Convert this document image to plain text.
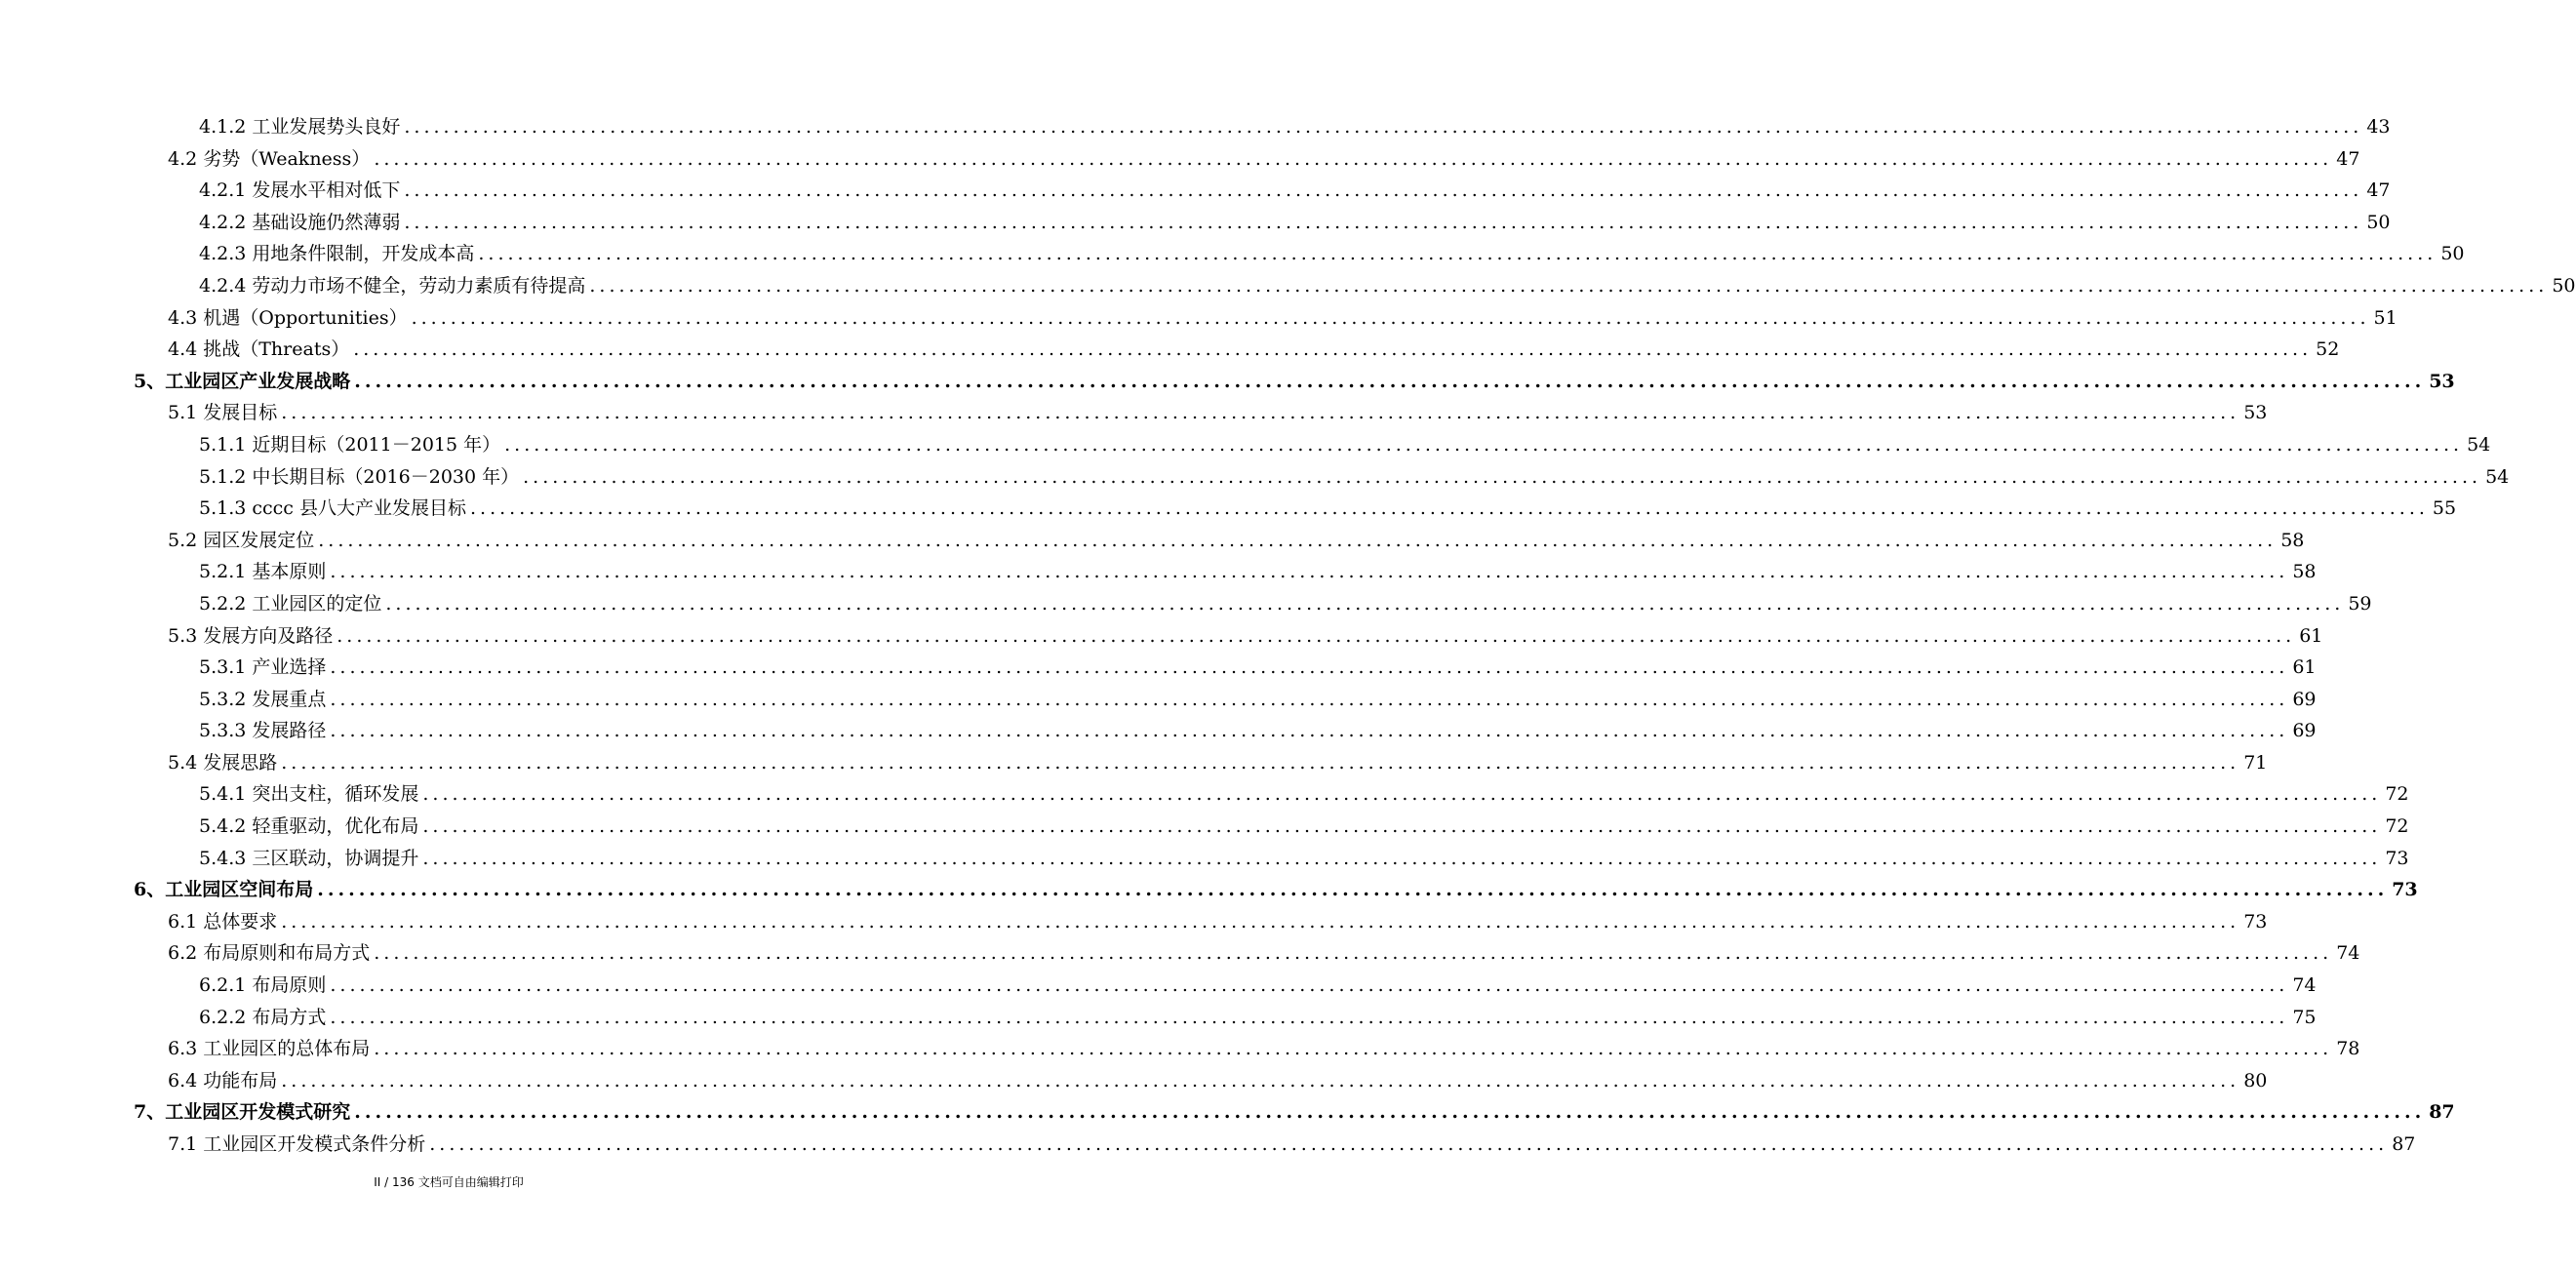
4.1.2 工业发展势头良好 ........................................................................................................................................................................................................ 43
4.2 劣势（Weakness） ........................................................................................................................................................................................................ 47
4.2.1 发展水平相对低下 ........................................................................................................................................................................................................ 47
4.2.2 基础设施仍然薄弱 ........................................................................................................................................................................................................ 50
4.2.3 用地条件限制，开发成本高 ........................................................................................................................................................................................................ 50
4.2.4 劳动力市场不健全，劳动力素质有待提高 ........................................................................................................................................................................................................ 50
4.3 机遇（Opportunities） ........................................................................................................................................................................................................ 51
4.4 挑战（Threats） ........................................................................................................................................................................................................ 52
5、工业园区产业发展战略 ........................................................................................................................................................................................................ 53
5.1 发展目标 ........................................................................................................................................................................................................ 53
5.1.1 近期目标（2011－2015 年） ........................................................................................................................................................................................................ 54
5.1.2 中长期目标（2016－2030 年） ........................................................................................................................................................................................................ 54
5.1.3 cccc 县八大产业发展目标 ........................................................................................................................................................................................................ 55
5.2 园区发展定位 ........................................................................................................................................................................................................ 58
5.2.1 基本原则 ........................................................................................................................................................................................................ 58
5.2.2 工业园区的定位 ........................................................................................................................................................................................................ 59
5.3 发展方向及路径 ........................................................................................................................................................................................................ 61
5.3.1 产业选择 ........................................................................................................................................................................................................ 61
5.3.2 发展重点 ........................................................................................................................................................................................................ 69
5.3.3 发展路径 ........................................................................................................................................................................................................ 69
5.4 发展思路 ........................................................................................................................................................................................................ 71
5.4.1 突出支柱，循环发展 ........................................................................................................................................................................................................ 72
5.4.2 轻重驱动，优化布局 ........................................................................................................................................................................................................ 72
5.4.3 三区联动，协调提升 ........................................................................................................................................................................................................ 73
6、工业园区空间布局 ........................................................................................................................................................................................................ 73
6.1 总体要求 ........................................................................................................................................................................................................ 73
6.2 布局原则和布局方式 ........................................................................................................................................................................................................ 74
6.2.1 布局原则 ........................................................................................................................................................................................................ 74
6.2.2 布局方式 ........................................................................................................................................................................................................ 75
6.3 工业园区的总体布局 ........................................................................................................................................................................................................ 78
6.4 功能布局 ........................................................................................................................................................................................................ 80
7、工业园区开发模式研究 ........................................................................................................................................................................................................ 87
7.1 工业园区开发模式条件分析 ........................................................................................................................................................................................................ 87
II / 136 文档可自由编辑打印
